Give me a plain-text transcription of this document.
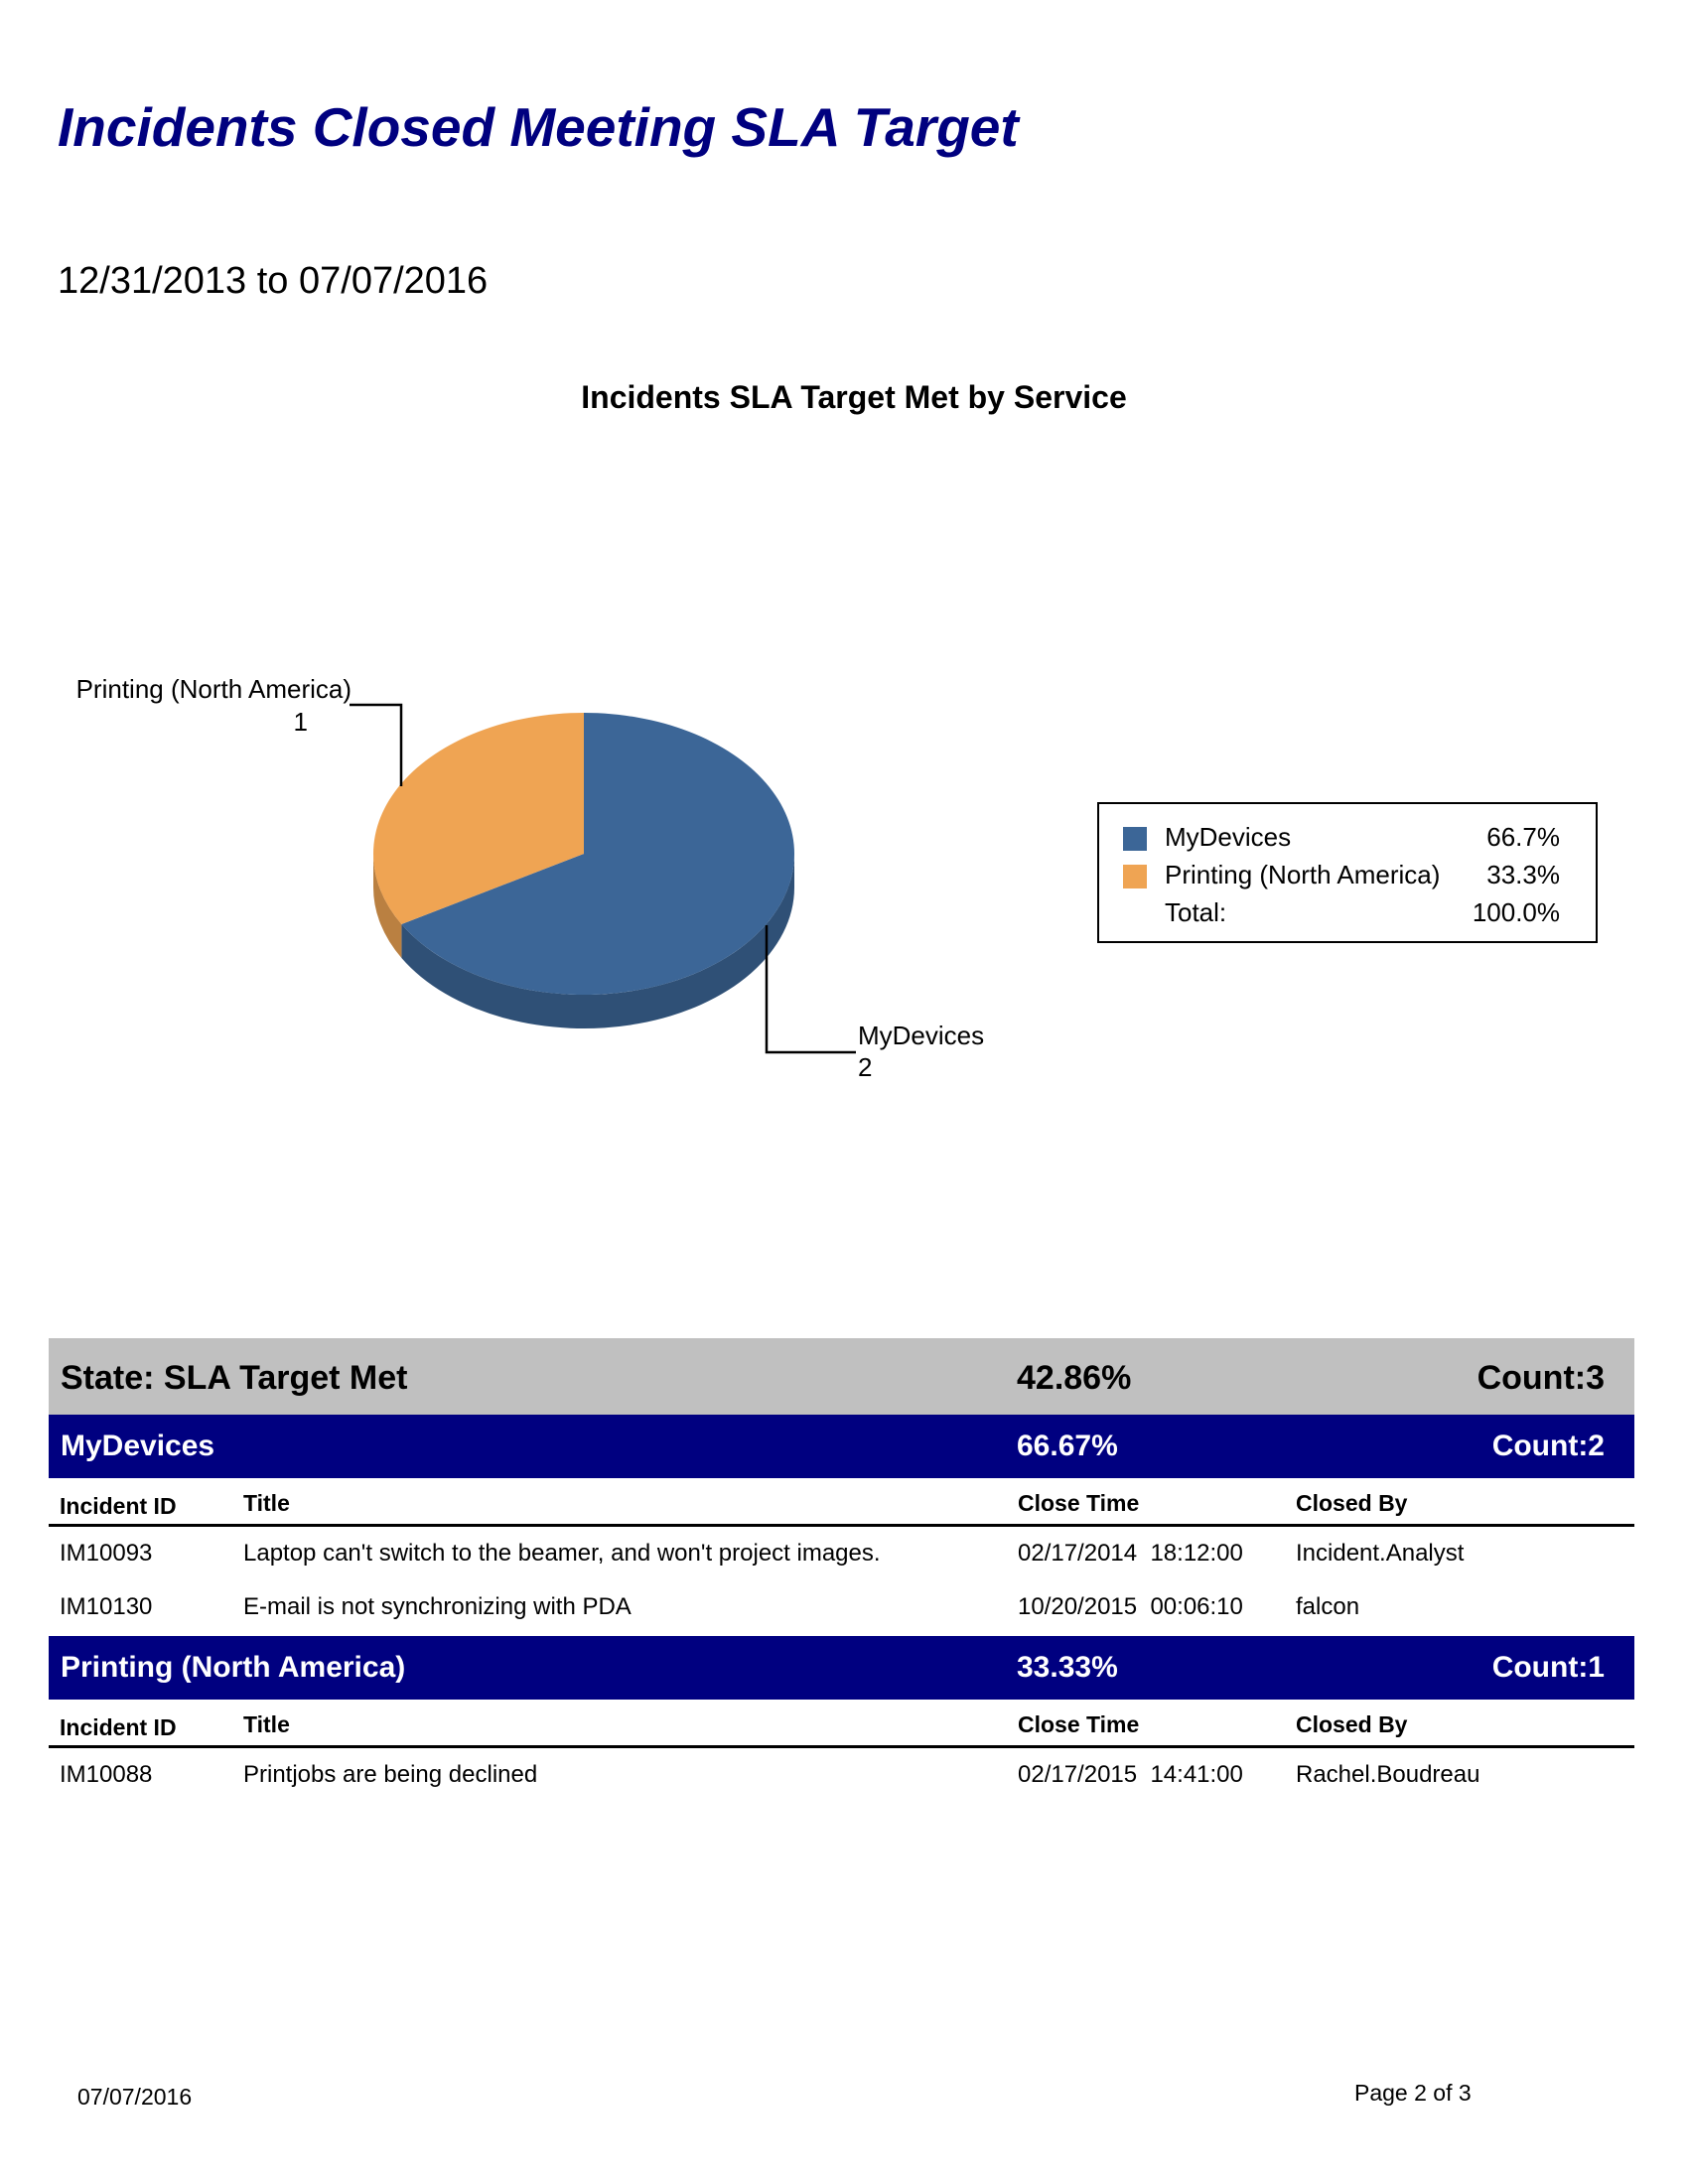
Incidents Closed Meeting SLA Target
12/31/2013 to 07/07/2016
Incidents SLA Target Met by Service
Printing (North America)
1
MyDevices
2
MyDevices	66.7%
Printing (North America) 33.3%
Total:	100.0%
State: SLA Target Met	42.86%	Count:3
MyDevices	66.67%	Count:2
Incident ID	Title	Close Time	Closed By
IM10093	Laptop can't switch to the beamer, and won't project images.	02/17/2014  18:12:00 Incident.Analyst
IM10130	E-mail is not synchronizing with PDA	10/20/2015  00:06:10 falcon
Printing (North America)	33.33%	Count:1
Incident ID	Title	Close Time	Closed By
IM10088	Printjobs are being declined	02/17/2015  14:41:00 Rachel.Boudreau
07/07/2016	Page 2 of 3
